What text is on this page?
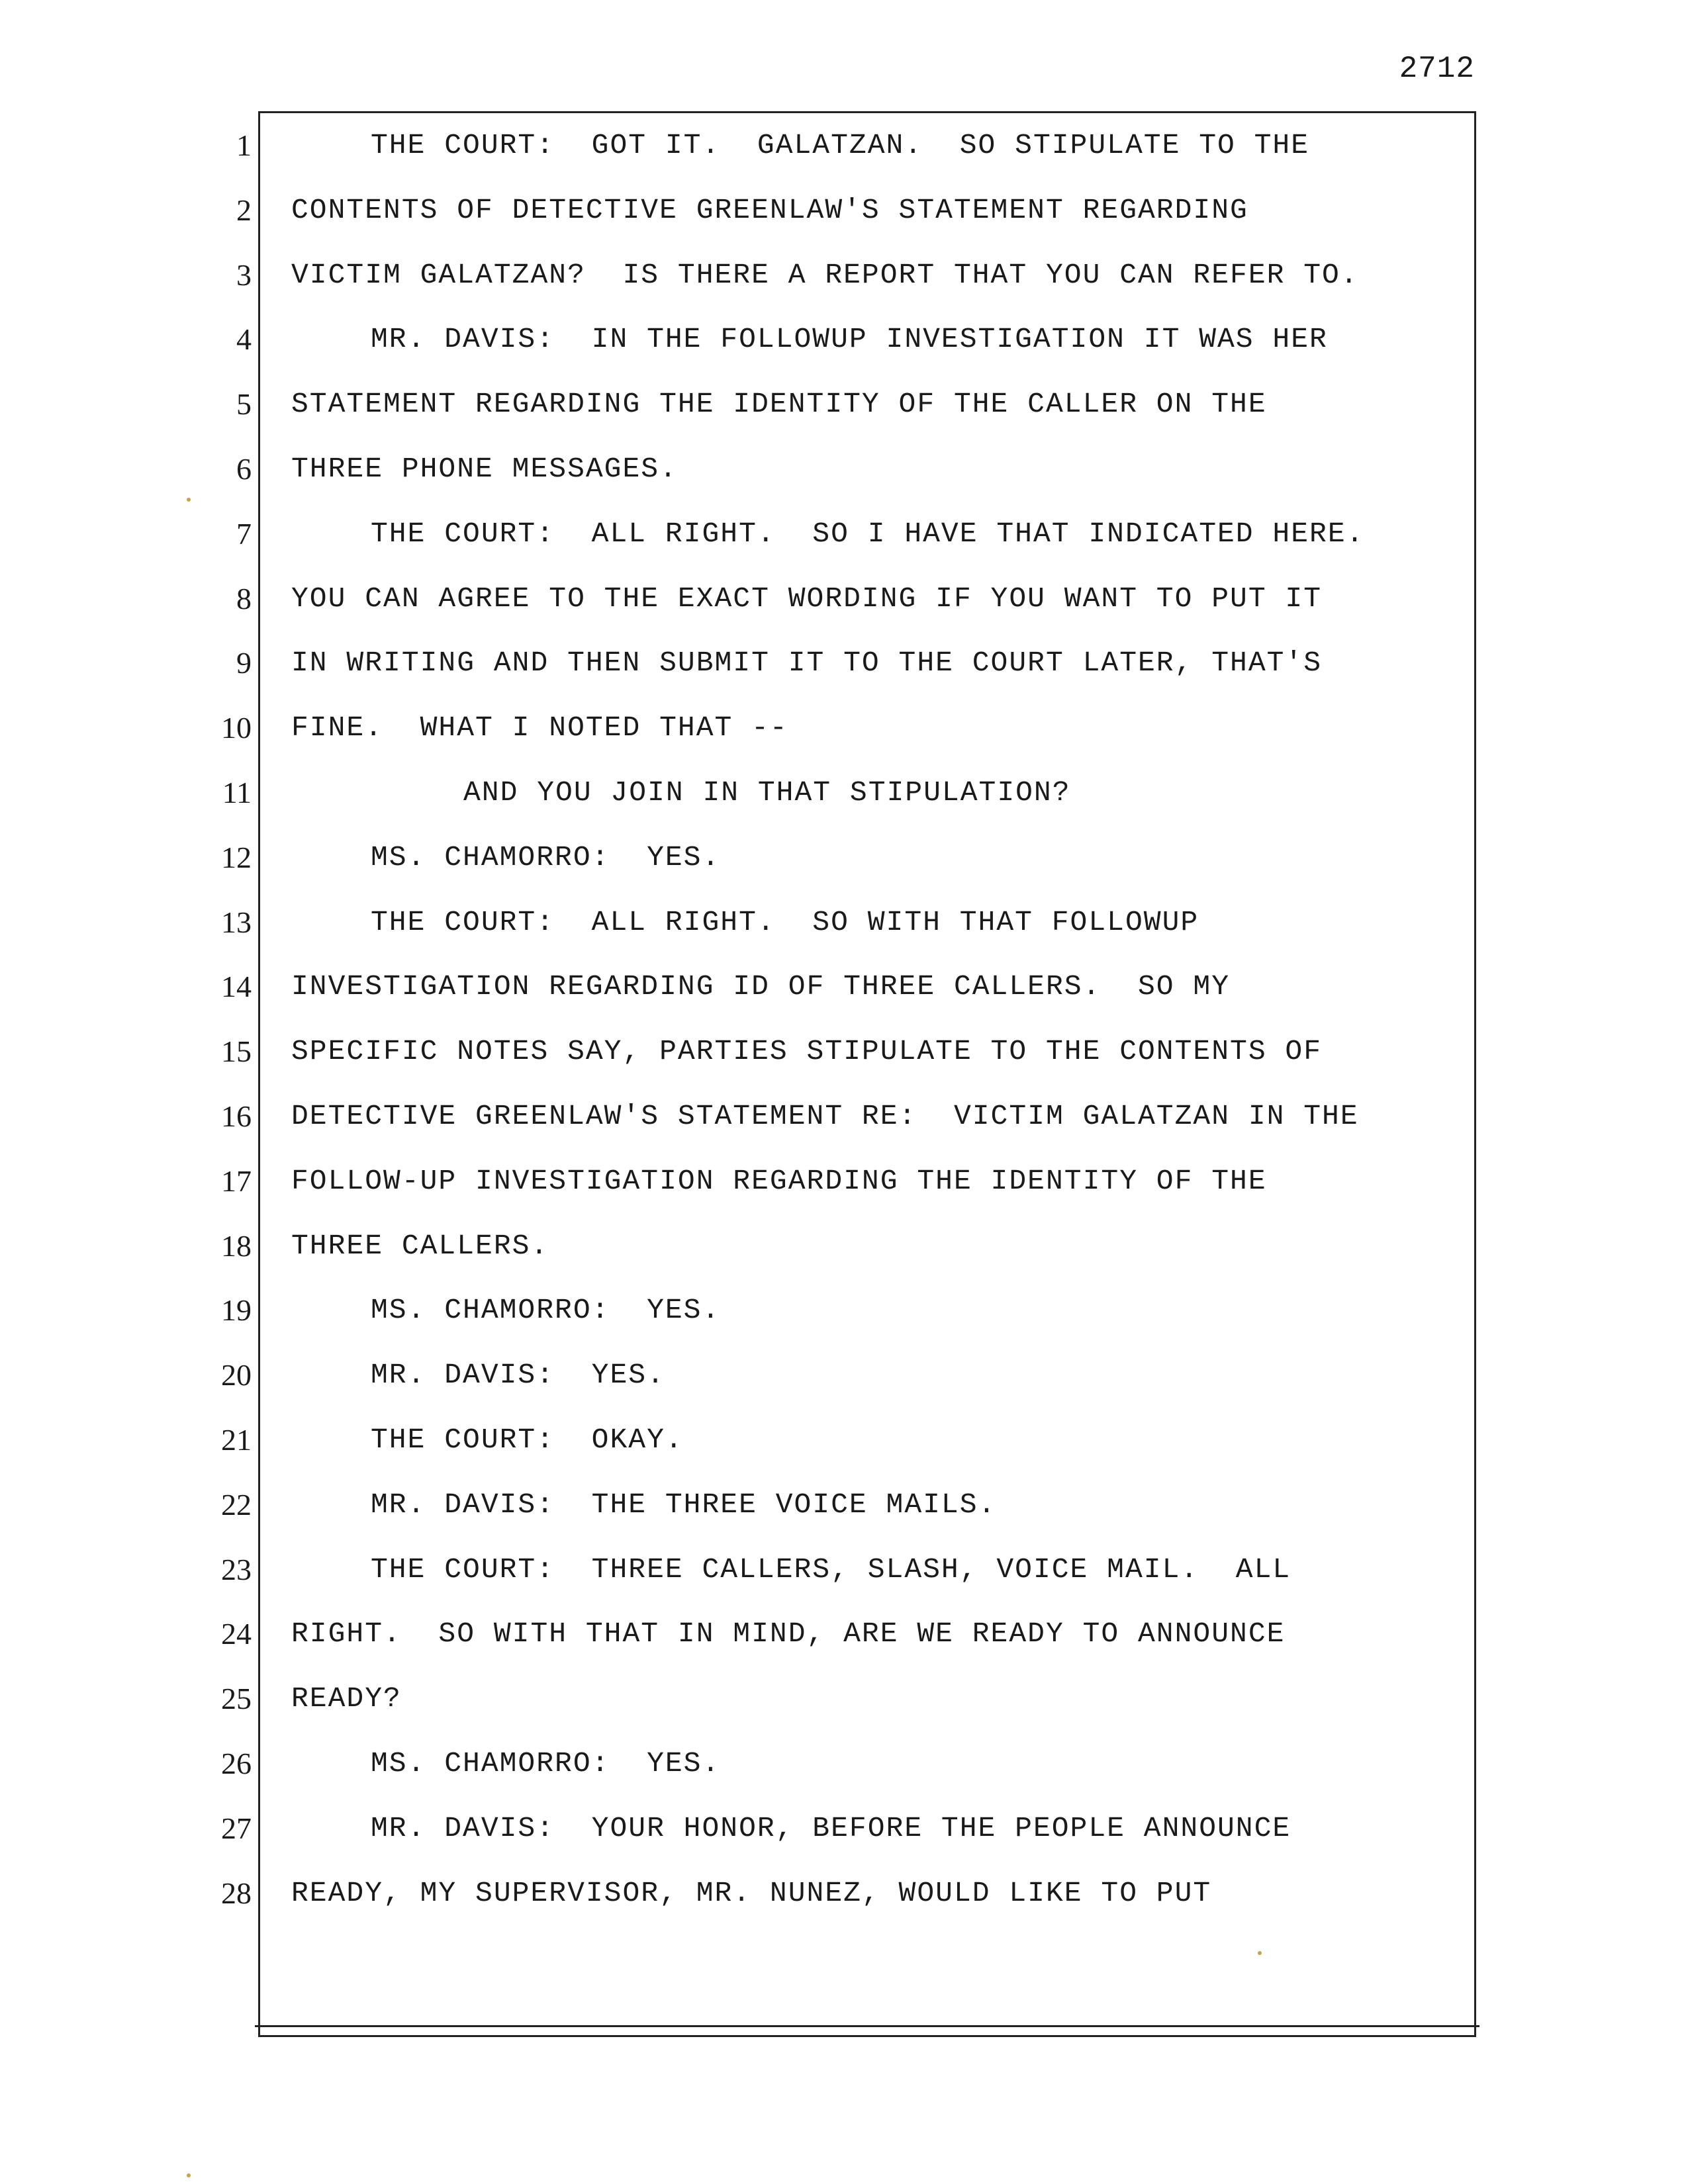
2712
1
2
3
4
5
6
7
8
9
10
11
12
13
14
15
16
17
18
19
20
21
22
23
24
25
26
27
28
THE COURT:  GOT IT.  GALATZAN.  SO STIPULATE TO THE
CONTENTS OF DETECTIVE GREENLAW'S STATEMENT REGARDING
VICTIM GALATZAN?  IS THERE A REPORT THAT YOU CAN REFER TO.
MR. DAVIS:  IN THE FOLLOWUP INVESTIGATION IT WAS HER
STATEMENT REGARDING THE IDENTITY OF THE CALLER ON THE
THREE PHONE MESSAGES.
THE COURT:  ALL RIGHT.  SO I HAVE THAT INDICATED HERE.
YOU CAN AGREE TO THE EXACT WORDING IF YOU WANT TO PUT IT
IN WRITING AND THEN SUBMIT IT TO THE COURT LATER, THAT'S
FINE.  WHAT I NOTED THAT --
AND YOU JOIN IN THAT STIPULATION?
MS. CHAMORRO:  YES.
THE COURT:  ALL RIGHT.  SO WITH THAT FOLLOWUP
INVESTIGATION REGARDING ID OF THREE CALLERS.  SO MY
SPECIFIC NOTES SAY, PARTIES STIPULATE TO THE CONTENTS OF
DETECTIVE GREENLAW'S STATEMENT RE:  VICTIM GALATZAN IN THE
FOLLOW-UP INVESTIGATION REGARDING THE IDENTITY OF THE
THREE CALLERS.
MS. CHAMORRO:  YES.
MR. DAVIS:  YES.
THE COURT:  OKAY.
MR. DAVIS:  THE THREE VOICE MAILS.
THE COURT:  THREE CALLERS, SLASH, VOICE MAIL.  ALL
RIGHT.  SO WITH THAT IN MIND, ARE WE READY TO ANNOUNCE
READY?
MS. CHAMORRO:  YES.
MR. DAVIS:  YOUR HONOR, BEFORE THE PEOPLE ANNOUNCE
READY, MY SUPERVISOR, MR. NUNEZ, WOULD LIKE TO PUT
